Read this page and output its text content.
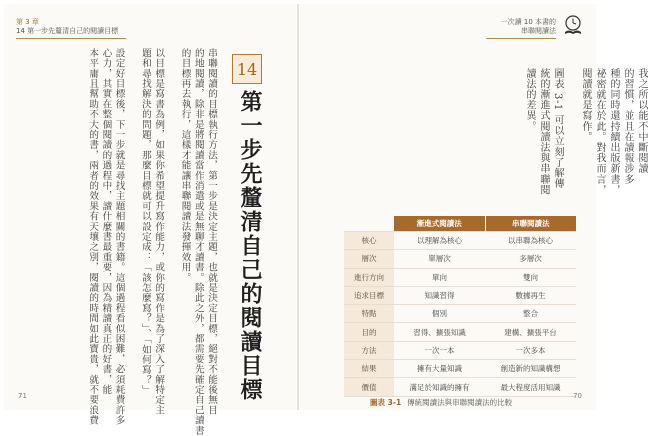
第 3 章
14 第一步先釐清自己的閱讀目標
串聯閱讀的目標執行方法，第一步是決定主題，也就是決定目標，絕對不能後無目
的地閱讀，除非是將閱讀當作消遣或是無聊才讀書。除此之外，都需要先確定自己讀書
的目標再去執行，這樣才能讓串聯閱讀法發揮效用。

以目標是寫書為例，如果你希望提升寫作能力，或你的寫作是為了深入了解特定主
題和尋找解決的問題，那麼目標就可以設定成：「該怎麼寫？」、「如何寫？」

設定好目標後，下一步就是尋找主題相關的書籍。這個過程看似困難，必須耗費許多
心力，其實在整個閱讀的過程中，讀什麼書最重要，因為精讀真正的好書，能
本平庸且幫助不大的書，兩者的效果有天壤之別，閱讀的時間如此寶貴，就不要浪費	14
第一步先釐清自己的閱讀目標
71
一次讀 10 本書的
串聯閱讀法
我之所以能不中斷閱讀
的習慣，並且在讀報涉多
種的同時還持續出版新書，
祕密就在於此。對我而言，
閱讀就是寫作。

圖表 3-1 可以立刻了解傳
統的漸進式閱讀法與串聯閱
讀法的差異。
	漸進式閱讀法	串聯閱讀法
核心	以理解為核心	以串聯為核心
層次	單層次	多層次
進行方向	單向	雙向
追求目標	知識習得	數據再生
特點	個別	整合
目的	習得、擴張知識	建構、擴張平台
方法	一次一本	一次多本
結果	擁有大量知識	創造新的知識構想
價值	滿足於知識的擁有	最大程度活用知識
圖表 3-1 傳統閱讀法與串聯閱讀法的比較
70
